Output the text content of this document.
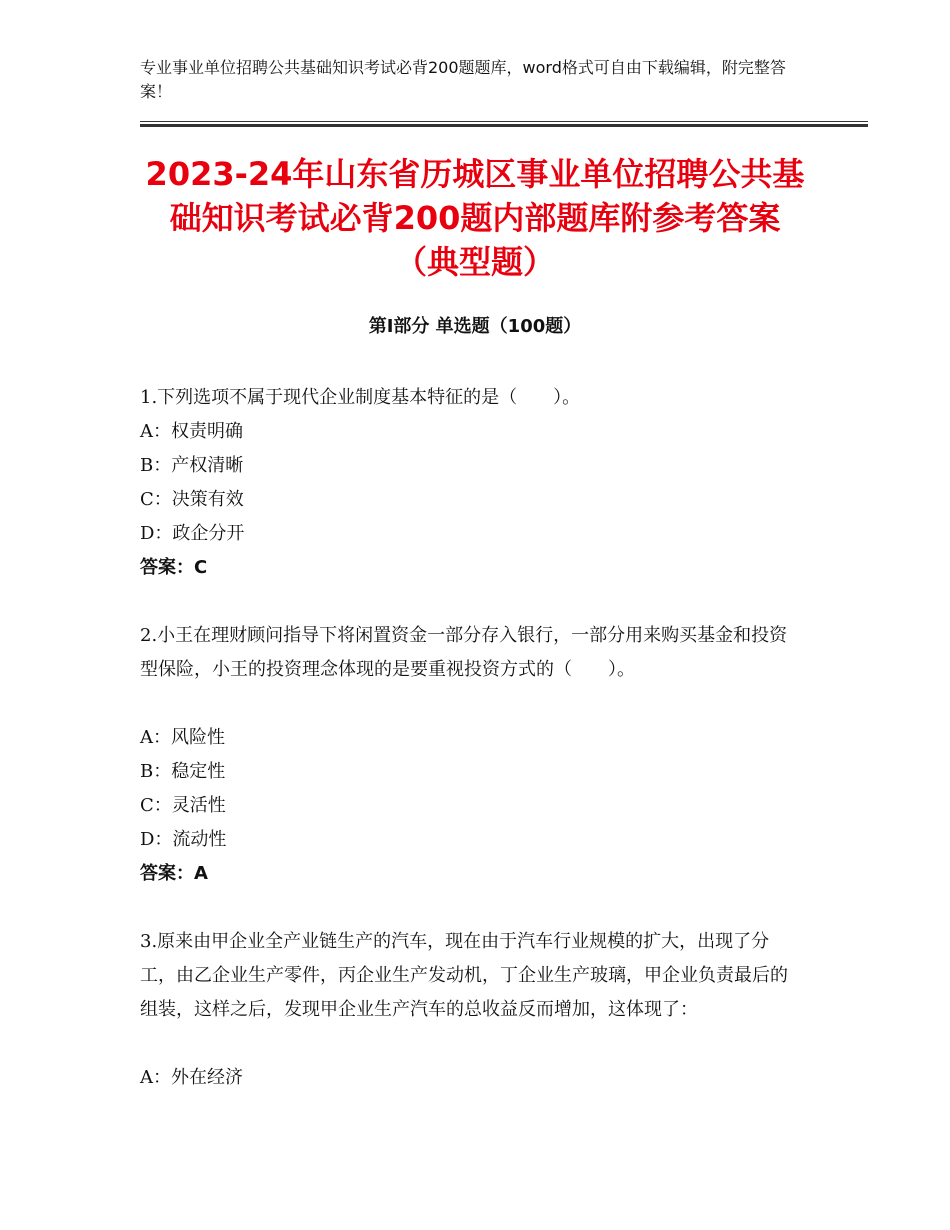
专业事业单位招聘公共基础知识考试必背200题题库，word格式可自由下载编辑，附完整答案！
2023-24年山东省历城区事业单位招聘公共基础知识考试必背200题内部题库附参考答案（典型题）
第Ⅰ部分 单选题（100题）
1.下列选项不属于现代企业制度基本特征的是（　　）。
A：权责明确
B：产权清晰
C：决策有效
D：政企分开
答案：C
2.小王在理财顾问指导下将闲置资金一部分存入银行，一部分用来购买基金和投资型保险，小王的投资理念体现的是要重视投资方式的（　　）。
A：风险性
B：稳定性
C：灵活性
D：流动性
答案：A
3.原来由甲企业全产业链生产的汽车，现在由于汽车行业规模的扩大，出现了分工，由乙企业生产零件，丙企业生产发动机，丁企业生产玻璃，甲企业负责最后的组装，这样之后，发现甲企业生产汽车的总收益反而增加，这体现了：
A：外在经济
